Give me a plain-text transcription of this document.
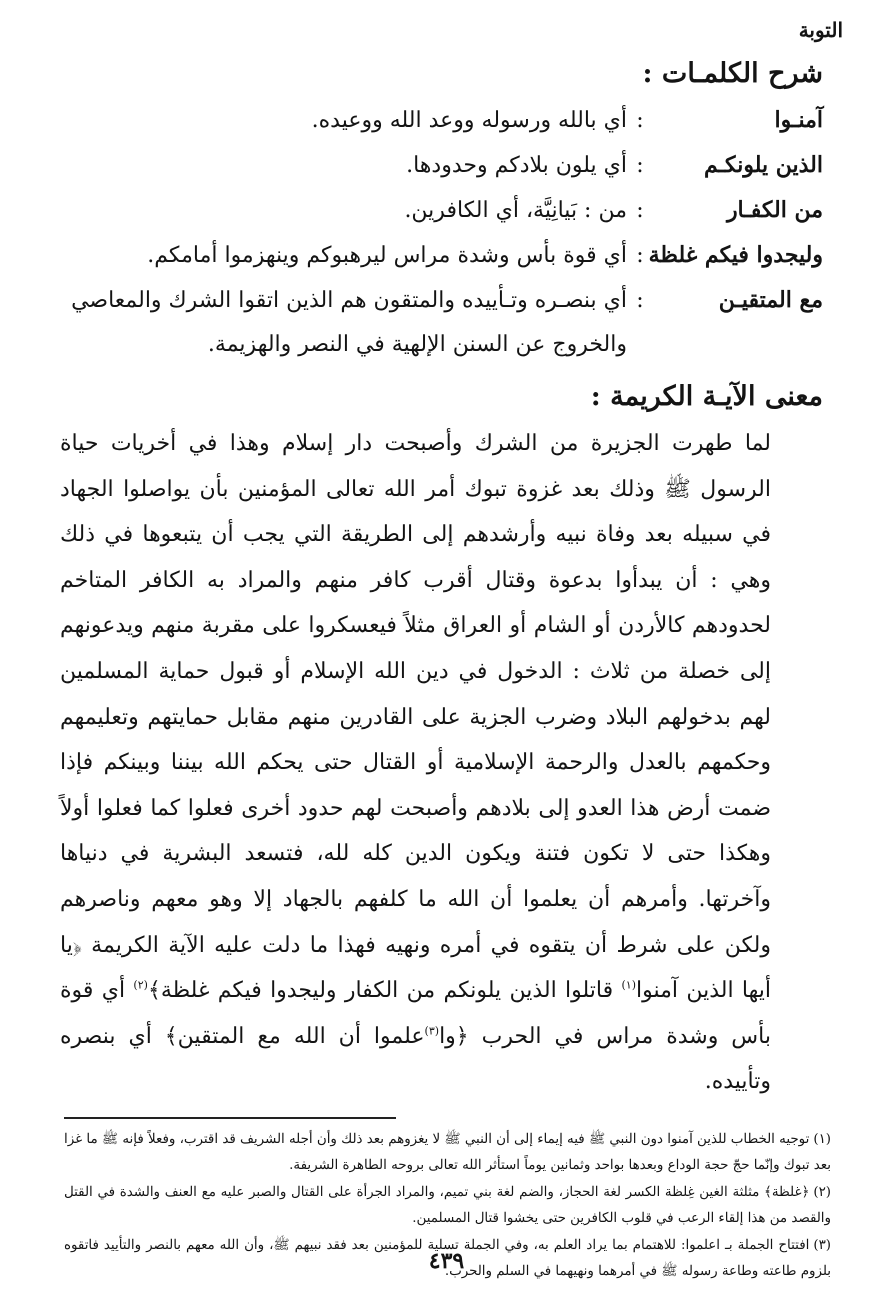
التوبة
شرح الكلمـات :
آمنـوا
:
أي بالله ورسوله ووعد الله ووعيده.
الذين يلونكـم
:
أي يلون بلادكم وحدودها.
من الكفـار
:
من : بَيانِيَّة، أي الكافرين.
وليجدوا فيكم غلظة
:
أي قوة بأس وشدة مراس ليرهبوكم وينهزموا أمامكم.
مع المتقيـن
:
أي بنصـره وتـأييده والمتقون هم الذين اتقوا الشرك والمعاصي
والخروج عن السنن الإلهية في النصر والهزيمة.
معنى الآيـة الكريمة :

لما طهرت الجزيرة من الشرك وأصبحت دار إسلام وهذا في أخريات حياة الرسول ﷺ وذلك بعد غزوة تبوك أمر الله تعالى المؤمنين بأن يواصلوا الجهاد في سبيله بعد وفاة نبيه وأرشدهم إلى الطريقة التي يجب أن يتبعوها في ذلك وهي : أن يبدأوا بدعوة وقتال أقرب كافر منهم والمراد به الكافر المتاخم لحدودهم كالأردن أو الشام أو العراق مثلاً فيعسكروا على مقربة منهم ويدعونهم إلى خصلة من ثلاث : الدخول في دين الله الإسلام أو قبول حماية المسلمين لهم بدخولهم البلاد وضرب الجزية على القادرين منهم مقابل حمايتهم وتعليمهم وحكمهم بالعدل والرحمة الإسلامية أو القتال حتى يحكم الله بيننا وبينكم فإذا ضمت أرض هذا العدو إلى بلادهم وأصبحت لهم حدود أخرى فعلوا كما فعلوا أولاً وهكذا حتى لا تكون فتنة ويكون الدين كله لله، فتسعد البشرية في دنياها وآخرتها. وأمرهم أن يعلموا أن الله ما كلفهم بالجهاد إلا وهو معهم وناصرهم ولكن على شرط أن يتقوه في أمره ونهيه فهذا ما دلت عليه الآية الكريمة ﴿يا أيها الذين آمنوا$^{(١)}$ قاتلوا الذين يلونكم من الكفار وليجدوا فيكم غلظة﴾$^{(٢)}$ أي قوة بأس وشدة مراس في الحرب ﴿وا$^{(٣)}$علموا أن الله مع المتقين﴾ أي بنصره وتأييده.

(١)توجيه الخطاب للذين آمنوا دون النبي ﷺ فيه إيماء إلى أن النبي ﷺ لا يغزوهم بعد ذلك وأن أجله الشريف قد اقترب، وفعلاً فإنه ﷺ ما غزا بعد تبوك وإنّما حجّ حجة الوداع وبعدها بواحد وثمانين يوماً استأثر الله تعالى بروحه الطاهرة الشريفة.

(٢)﴿غلظة﴾ مثلثة الغين غِلظة الكسر لغة الحجاز، والضم لغة بني تميم، والمراد الجرأة على القتال والصبر عليه مع العنف والشدة في القتل والقصد من هذا إلقاء الرعب في قلوب الكافرين حتى يخشوا قتال المسلمين.

(٣)افتتاح الجملة بـ اعلموا: للاهتمام بما يراد العلم به، وفي الجملة تسلية للمؤمنين بعد فقد نبيهم ﷺ، وأن الله معهم بالنصر والتأييد فاتقوه بلزوم طاعته وطاعة رسوله ﷺ في أمرهما ونهيهما في السلم والحرب.

٤٣٩
